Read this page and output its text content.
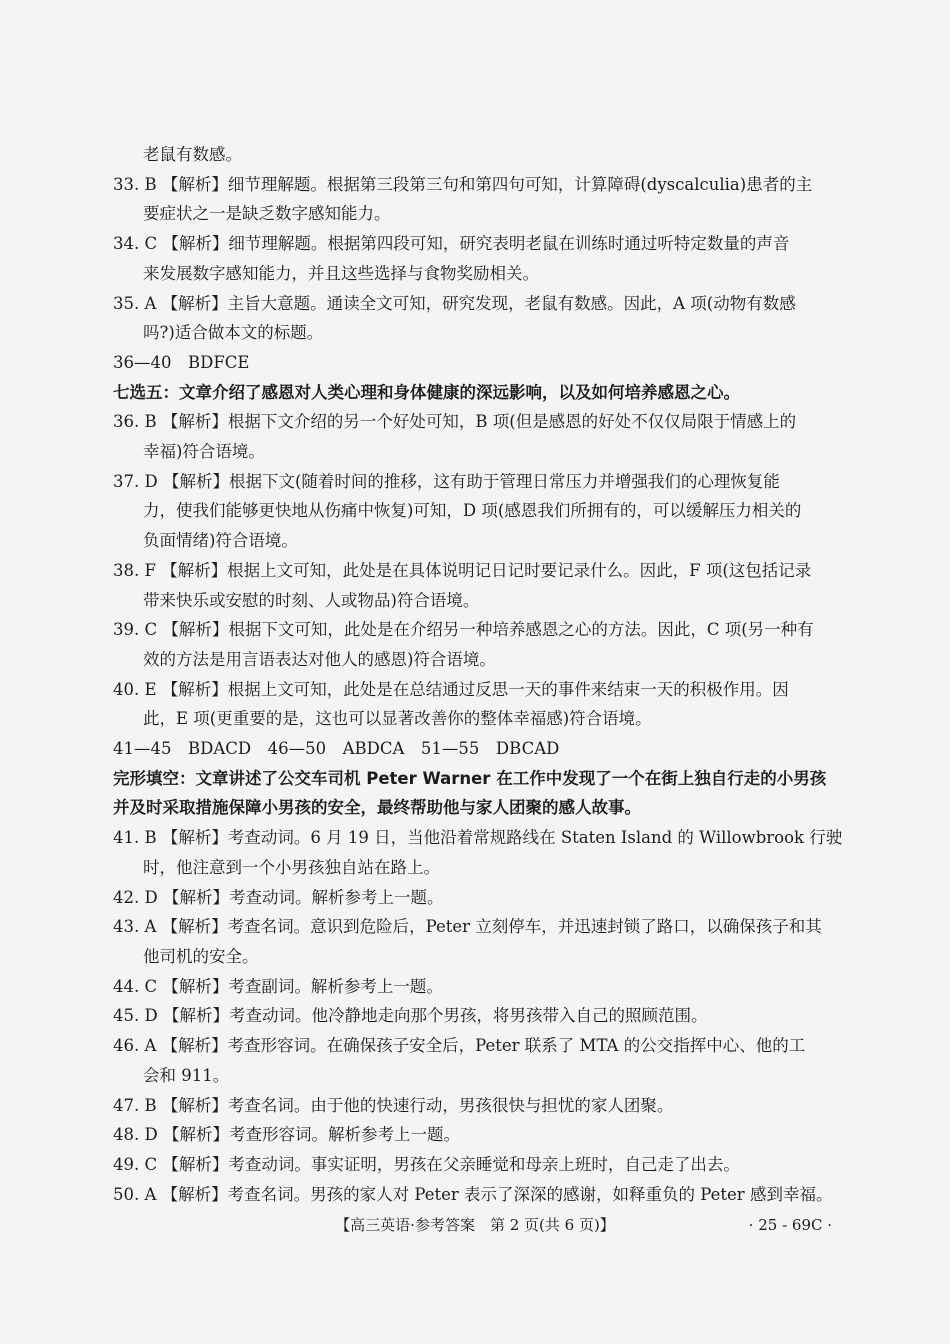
老鼠有数感。
33. B 【解析】细节理解题。根据第三段第三句和第四句可知，计算障碍(dyscalculia)患者的主
要症状之一是缺乏数字感知能力。
34. C 【解析】细节理解题。根据第四段可知，研究表明老鼠在训练时通过听特定数量的声音
来发展数字感知能力，并且这些选择与食物奖励相关。
35. A 【解析】主旨大意题。通读全文可知，研究发现，老鼠有数感。因此，A 项(动物有数感
吗?)适合做本文的标题。
36—40　BDFCE
七选五：文章介绍了感恩对人类心理和身体健康的深远影响，以及如何培养感恩之心。
36. B 【解析】根据下文介绍的另一个好处可知，B 项(但是感恩的好处不仅仅局限于情感上的
幸福)符合语境。
37. D 【解析】根据下文(随着时间的推移，这有助于管理日常压力并增强我们的心理恢复能
力，使我们能够更快地从伤痛中恢复)可知，D 项(感恩我们所拥有的，可以缓解压力相关的
负面情绪)符合语境。
38. F 【解析】根据上文可知，此处是在具体说明记日记时要记录什么。因此，F 项(这包括记录
带来快乐或安慰的时刻、人或物品)符合语境。
39. C 【解析】根据下文可知，此处是在介绍另一种培养感恩之心的方法。因此，C 项(另一种有
效的方法是用言语表达对他人的感恩)符合语境。
40. E 【解析】根据上文可知，此处是在总结通过反思一天的事件来结束一天的积极作用。因
此，E 项(更重要的是，这也可以显著改善你的整体幸福感)符合语境。
41—45　BDACD　46—50　ABDCA　51—55　DBCAD
完形填空：文章讲述了公交车司机 Peter Warner 在工作中发现了一个在街上独自行走的小男孩
并及时采取措施保障小男孩的安全，最终帮助他与家人团聚的感人故事。
41. B 【解析】考查动词。6 月 19 日，当他沿着常规路线在 Staten Island 的 Willowbrook 行驶
时，他注意到一个小男孩独自站在路上。
42. D 【解析】考查动词。解析参考上一题。
43. A 【解析】考查名词。意识到危险后，Peter 立刻停车，并迅速封锁了路口，以确保孩子和其
他司机的安全。
44. C 【解析】考查副词。解析参考上一题。
45. D 【解析】考查动词。他冷静地走向那个男孩，将男孩带入自己的照顾范围。
46. A 【解析】考查形容词。在确保孩子安全后，Peter 联系了 MTA 的公交指挥中心、他的工
会和 911。
47. B 【解析】考查名词。由于他的快速行动，男孩很快与担忧的家人团聚。
48. D 【解析】考查形容词。解析参考上一题。
49. C 【解析】考查动词。事实证明，男孩在父亲睡觉和母亲上班时，自己走了出去。
50. A 【解析】考查名词。男孩的家人对 Peter 表示了深深的感谢，如释重负的 Peter 感到幸福。
【高三英语·参考答案　第 2 页(共 6 页)】	· 25 - 69C ·
